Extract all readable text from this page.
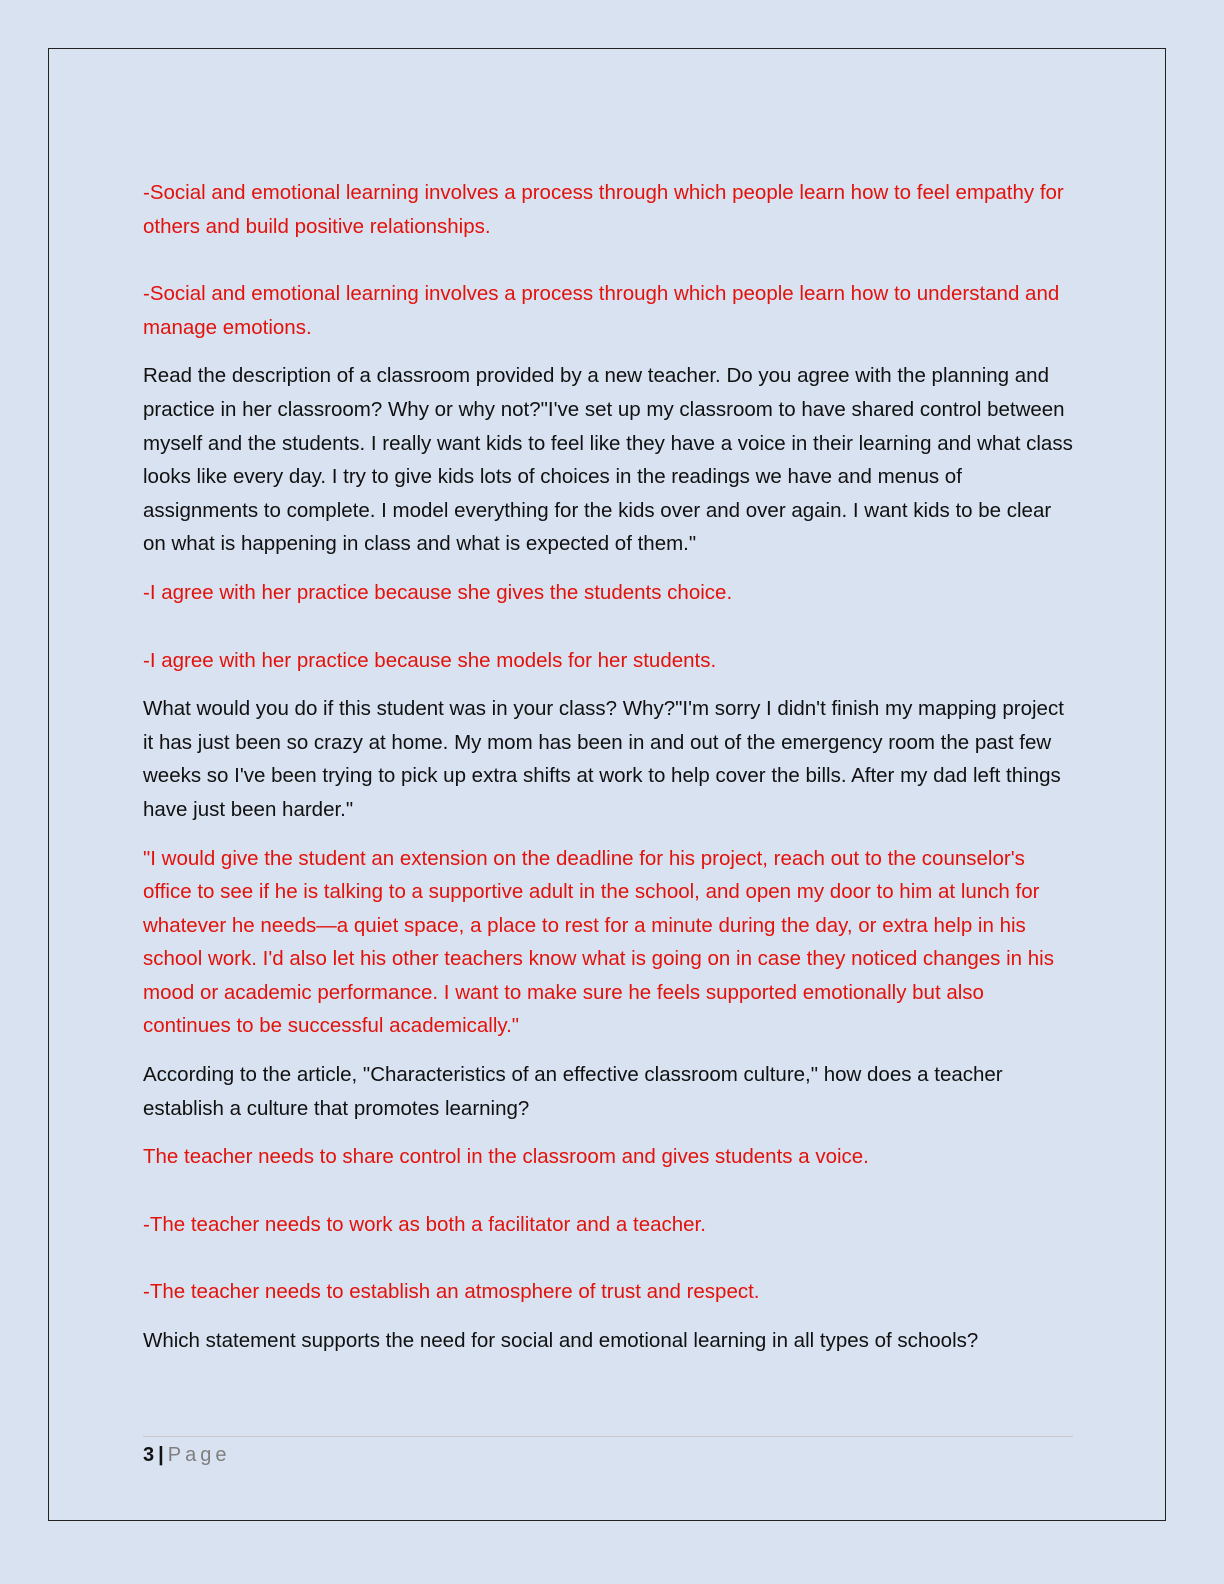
-Social and emotional learning involves a process through which people learn how to feel empathy for others and build positive relationships.

-Social and emotional learning involves a process through which people learn how to understand and manage emotions.

Read the description of a classroom provided by a new teacher. Do you agree with the planning and practice in her classroom? Why or why not?"I've set up my classroom to have shared control between myself and the students. I really want kids to feel like they have a voice in their learning and what class looks like every day. I try to give kids lots of choices in the readings we have and menus of assignments to complete. I model everything for the kids over and over again. I want kids to be clear on what is happening in class and what is expected of them."

-I agree with her practice because she gives the students choice.

-I agree with her practice because she models for her students.

What would you do if this student was in your class? Why?"I'm sorry I didn't finish my mapping project it has just been so crazy at home. My mom has been in and out of the emergency room the past few weeks so I've been trying to pick up extra shifts at work to help cover the bills. After my dad left things have just been harder."

"I would give the student an extension on the deadline for his project, reach out to the counselor's office to see if he is talking to a supportive adult in the school, and open my door to him at lunch for whatever he needs—a quiet space, a place to rest for a minute during the day, or extra help in his school work. I'd also let his other teachers know what is going on in case they noticed changes in his mood or academic performance. I want to make sure he feels supported emotionally but also continues to be successful academically."

According to the article, "Characteristics of an effective classroom culture," how does a teacher establish a culture that promotes learning?

The teacher needs to share control in the classroom and gives students a voice.

-The teacher needs to work as both a facilitator and a teacher.

-The teacher needs to establish an atmosphere of trust and respect.

Which statement supports the need for social and emotional learning in all types of schools?

3 | Page
